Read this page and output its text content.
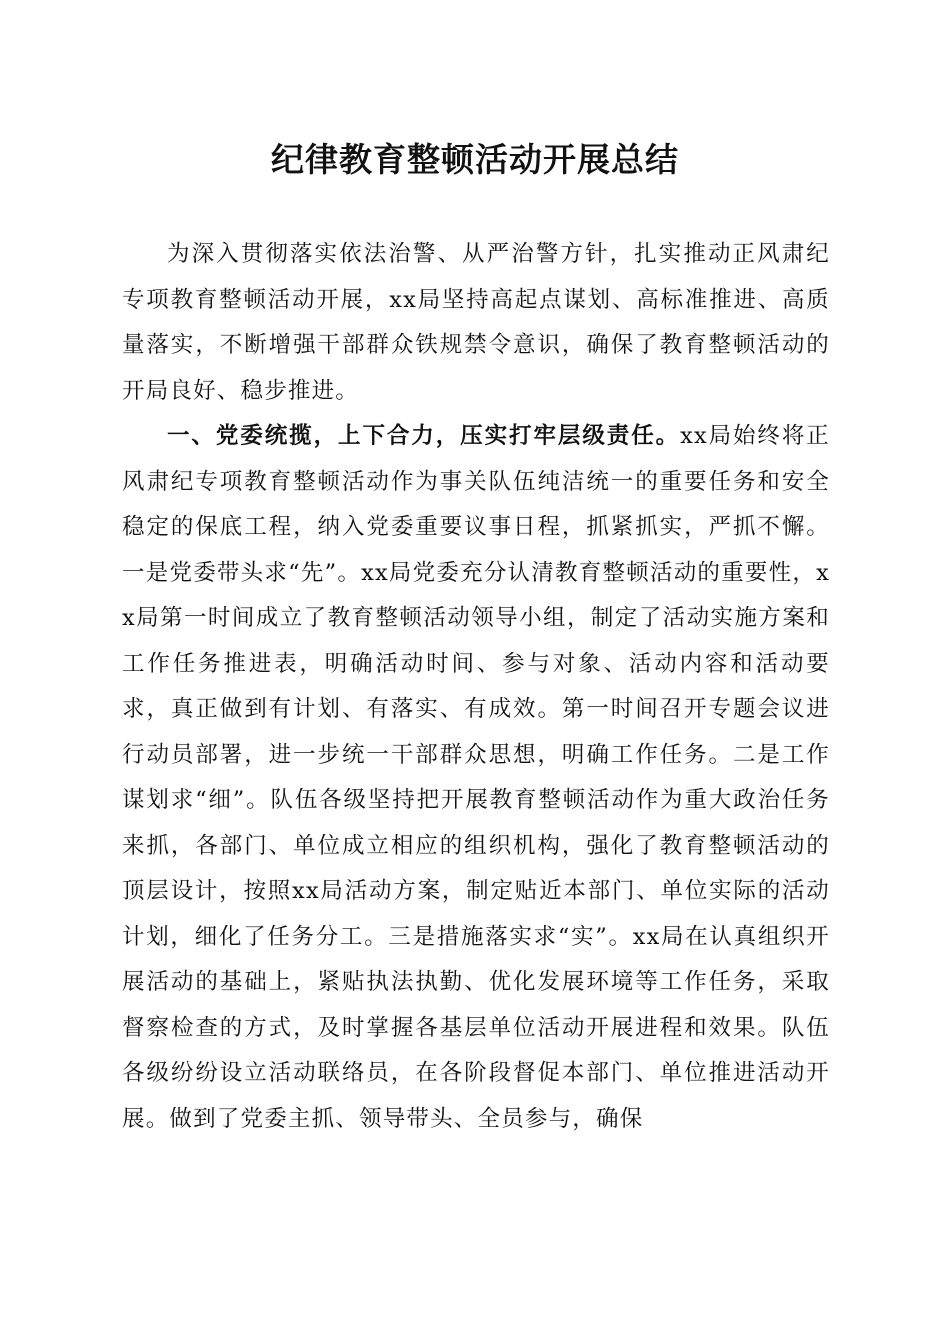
纪律教育整顿活动开展总结

为深入贯彻落实依法治警、从严治警方针，扎实推动正风肃纪专项教育整顿活动开展，xx局坚持高起点谋划、高标准推进、高质量落实，不断增强干部群众铁规禁令意识，确保了教育整顿活动的开局良好、稳步推进。

一、党委统揽，上下合力，压实打牢层级责任。xx局始终将正风肃纪专项教育整顿活动作为事关队伍纯洁统一的重要任务和安全稳定的保底工程，纳入党委重要议事日程，抓紧抓实，严抓不懈。一是党委带头求“先”。xx局党委充分认清教育整顿活动的重要性，xx局第一时间成立了教育整顿活动领导小组，制定了活动实施方案和工作任务推进表，明确活动时间、参与对象、活动内容和活动要求，真正做到有计划、有落实、有成效。第一时间召开专题会议进行动员部署，进一步统一干部群众思想，明确工作任务。二是工作谋划求“细”。队伍各级坚持把开展教育整顿活动作为重大政治任务来抓，各部门、单位成立相应的组织机构，强化了教育整顿活动的顶层设计，按照xx局活动方案，制定贴近本部门、单位实际的活动计划，细化了任务分工。三是措施落实求“实”。xx局在认真组织开展活动的基础上，紧贴执法执勤、优化发展环境等工作任务，采取督察检查的方式，及时掌握各基层单位活动开展进程和效果。队伍各级纷纷设立活动联络员，在各阶段督促本部门、单位推进活动开展。做到了党委主抓、领导带头、全员参与，确保
